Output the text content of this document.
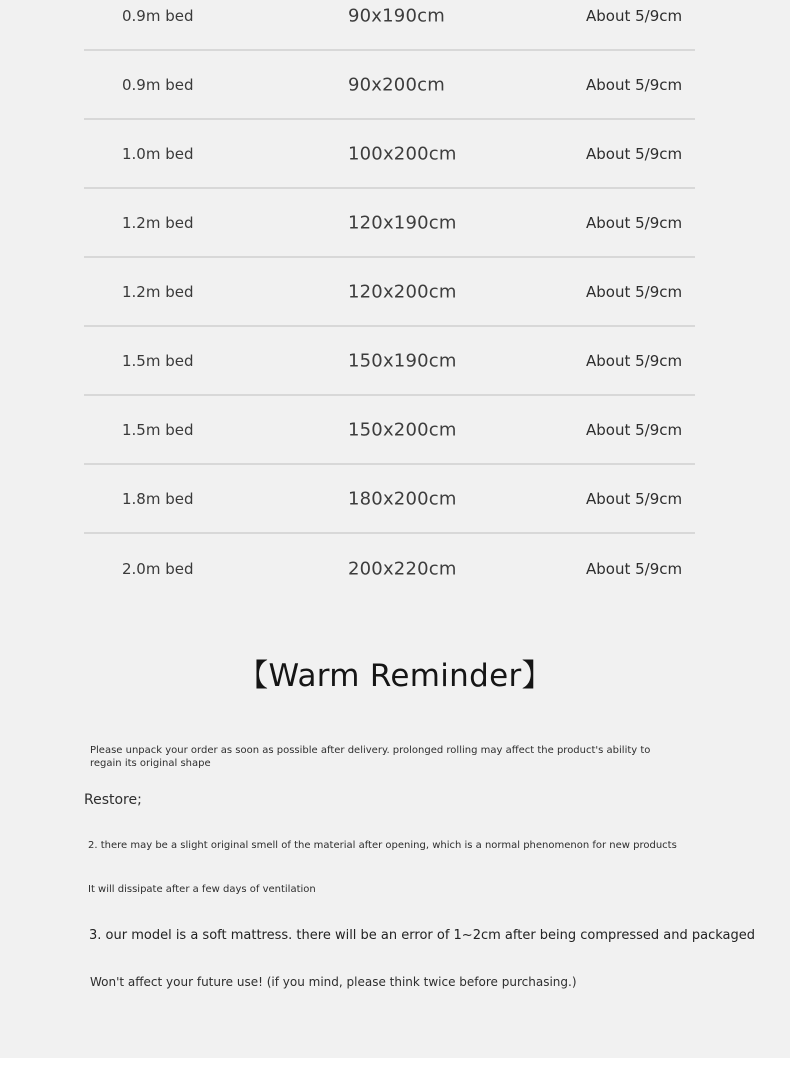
0.9m bed	90x190cm	About 5/9cm
0.9m bed	90x200cm	About 5/9cm
1.0m bed	100x200cm	About 5/9cm
1.2m bed	120x190cm	About 5/9cm
1.2m bed	120x200cm	About 5/9cm
1.5m bed	150x190cm	About 5/9cm
1.5m bed	150x200cm	About 5/9cm
1.8m bed	180x200cm	About 5/9cm
2.0m bed	200x220cm	About 5/9cm
【Warm Reminder】
Please unpack your order as soon as possible after delivery. prolonged rolling may affect the product's ability to regain its original shape
Restore;
2. there may be a slight original smell of the material after opening, which is a normal phenomenon for new products
It will dissipate after a few days of ventilation
3. our model is a soft mattress. there will be an error of 1~2cm after being compressed and packaged
Won't affect your future use! (if you mind, please think twice before purchasing.)
